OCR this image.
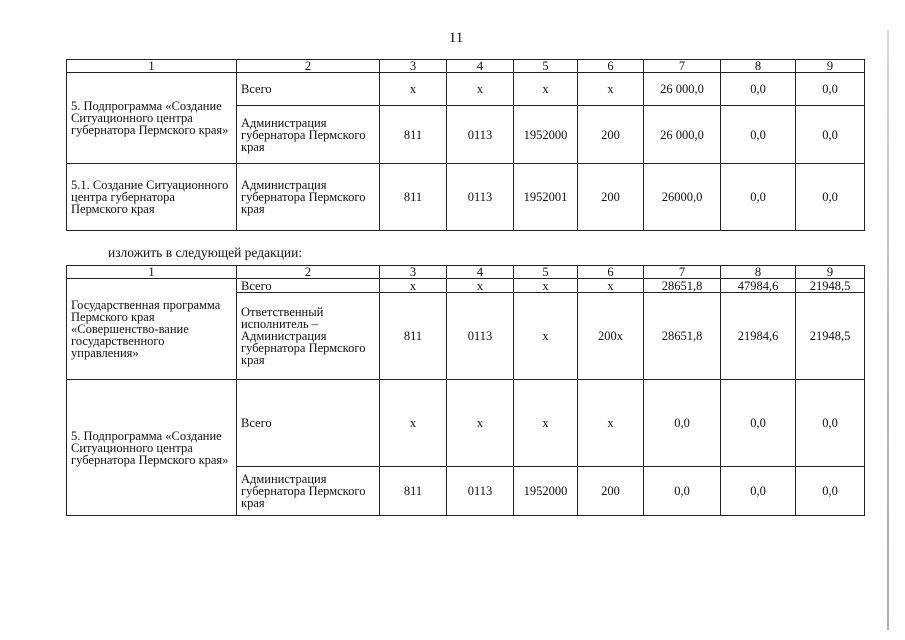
11
1	2	3	4	5	6	7	8	9
5. Подпрограмма «Создание Ситуационного центра губернатора Пермского края»	Всего	х	х	х	х	26 000,0	0,0	0,0
	Администрация губернатора Пермского края	811	0113	1952000	200	26 000,0	0,0	0,0
5.1. Создание Ситуационного центра губернатора Пермского края	Администрация губернатора Пермского края	811	0113	1952001	200	26000,0	0,0	0,0
изложить в следующей редакции:
1	2	3	4	5	6	7	8	9
Государственная программа Пермского края «Совершенство-вание государственного управления»	Всего	х	х	х	х	28651,8	47984,6	21948,5
	Ответственный исполнитель – Администрация губернатора Пермского края	811	0113	х	200х	28651,8	21984,6	21948,5
5. Подпрограмма «Создание Ситуационного центра губернатора Пермского края»	Всего	х	х	х	х	0,0	0,0	0,0
	Администрация губернатора Пермского края	811	0113	1952000	200	0,0	0,0	0,0
